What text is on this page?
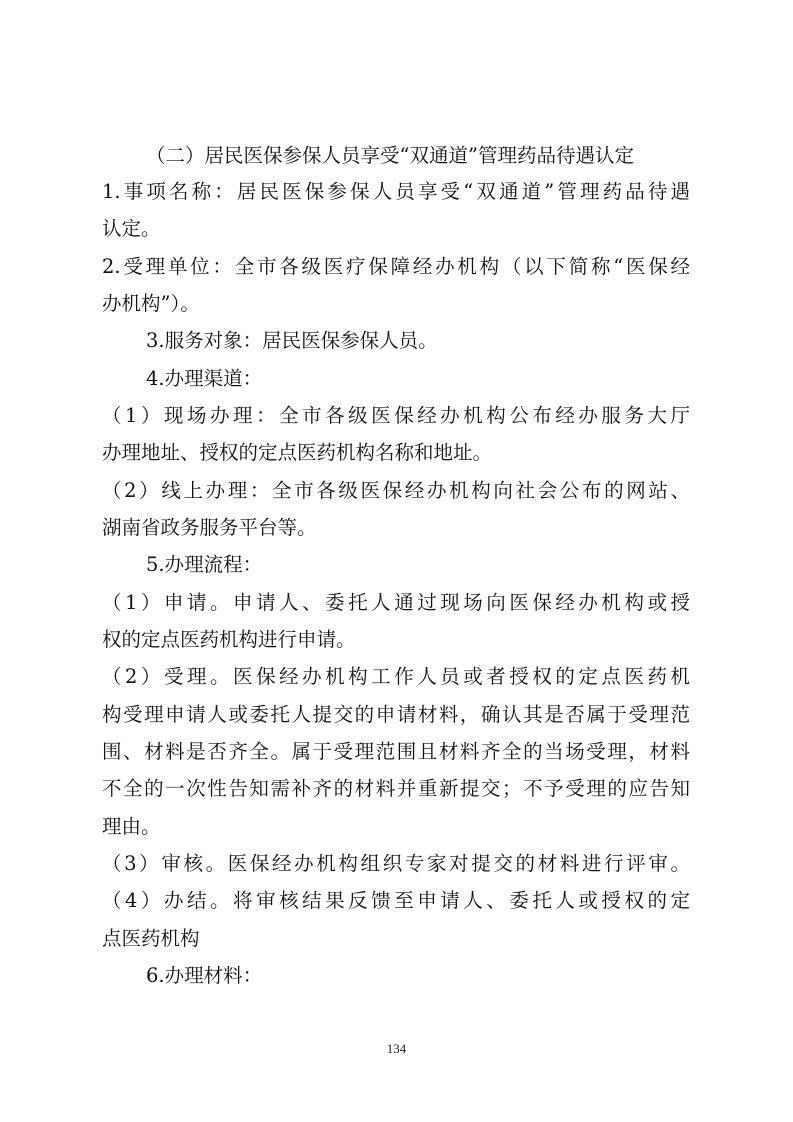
（二）居民医保参保人员享受“双通道”管理药品待遇认定
1.事项名称：居民医保参保人员享受“双通道”管理药品待遇
认定。
2.受理单位：全市各级医疗保障经办机构（以下简称“医保经
办机构”）。
3.服务对象：居民医保参保人员。
4.办理渠道：
（1）现场办理：全市各级医保经办机构公布经办服务大厅
办理地址、授权的定点医药机构名称和地址。
（2）线上办理：全市各级医保经办机构向社会公布的网站、
湖南省政务服务平台等。
5.办理流程：
（1）申请。申请人、委托人通过现场向医保经办机构或授
权的定点医药机构进行申请。
（2）受理。医保经办机构工作人员或者授权的定点医药机
构受理申请人或委托人提交的申请材料，确认其是否属于受理范
围、材料是否齐全。属于受理范围且材料齐全的当场受理，材料
不全的一次性告知需补齐的材料并重新提交；不予受理的应告知
理由。
（3）审核。医保经办机构组织专家对提交的材料进行评审。
（4）办结。将审核结果反馈至申请人、委托人或授权的定
点医药机构
6.办理材料：
134
